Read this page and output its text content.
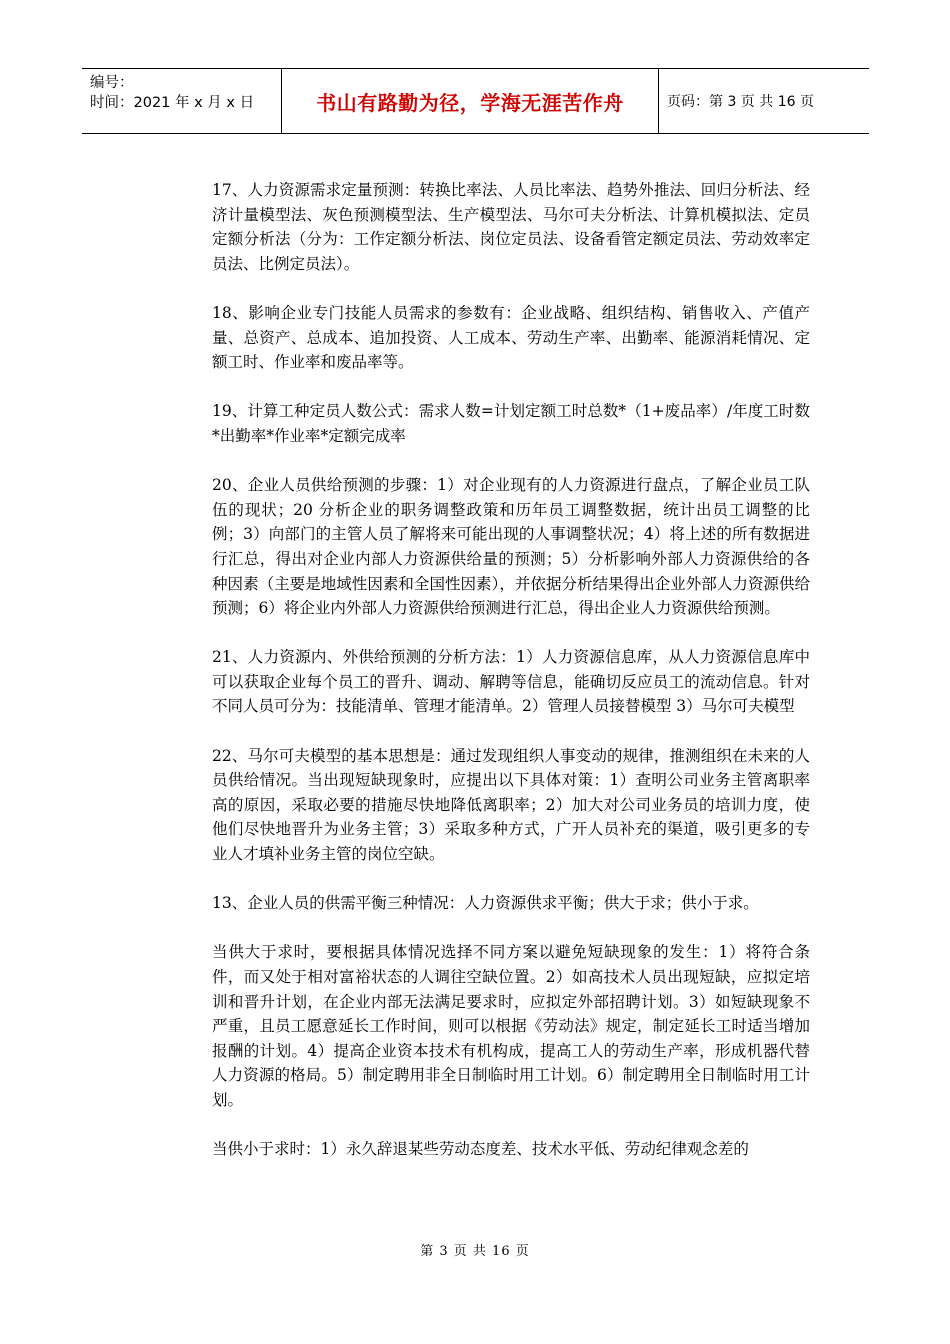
编号：
时间：2021 年 x 月 x 日	书山有路勤为径，学海无涯苦作舟	页码：第 3 页 共 16 页

17、人力资源需求定量预测：转换比率法、人员比率法、趋势外推法、回归分析法、经济计量模型法、灰色预测模型法、生产模型法、马尔可夫分析法、计算机模拟法、定员定额分析法（分为：工作定额分析法、岗位定员法、设备看管定额定员法、劳动效率定员法、比例定员法）。

18、影响企业专门技能人员需求的参数有：企业战略、组织结构、销售收入、产值产量、总资产、总成本、追加投资、人工成本、劳动生产率、出勤率、能源消耗情况、定额工时、作业率和废品率等。

19、计算工种定员人数公式：需求人数=计划定额工时总数*（1+废品率）/年度工时数*出勤率*作业率*定额完成率

20、企业人员供给预测的步骤：1）对企业现有的人力资源进行盘点，了解企业员工队伍的现状；20 分析企业的职务调整政策和历年员工调整数据，统计出员工调整的比例；3）向部门的主管人员了解将来可能出现的人事调整状况；4）将上述的所有数据进行汇总，得出对企业内部人力资源供给量的预测；5）分析影响外部人力资源供给的各种因素（主要是地域性因素和全国性因素），并依据分析结果得出企业外部人力资源供给预测；6）将企业内外部人力资源供给预测进行汇总，得出企业人力资源供给预测。

21、人力资源内、外供给预测的分析方法：1）人力资源信息库，从人力资源信息库中可以获取企业每个员工的晋升、调动、解聘等信息，能确切反应员工的流动信息。针对不同人员可分为：技能清单、管理才能清单。2）管理人员接替模型 3）马尔可夫模型

22、马尔可夫模型的基本思想是：通过发现组织人事变动的规律，推测组织在未来的人员供给情况。当出现短缺现象时，应提出以下具体对策：1）查明公司业务主管离职率高的原因，采取必要的措施尽快地降低离职率；2）加大对公司业务员的培训力度，使他们尽快地晋升为业务主管；3）采取多种方式，广开人员补充的渠道，吸引更多的专业人才填补业务主管的岗位空缺。

13、企业人员的供需平衡三种情况：人力资源供求平衡；供大于求；供小于求。

当供大于求时，要根据具体情况选择不同方案以避免短缺现象的发生：1）将符合条件，而又处于相对富裕状态的人调往空缺位置。2）如高技术人员出现短缺，应拟定培训和晋升计划，在企业内部无法满足要求时，应拟定外部招聘计划。3）如短缺现象不严重，且员工愿意延长工作时间，则可以根据《劳动法》规定，制定延长工时适当增加报酬的计划。4）提高企业资本技术有机构成，提高工人的劳动生产率，形成机器代替人力资源的格局。5）制定聘用非全日制临时用工计划。6）制定聘用全日制临时用工计划。

当供小于求时：1）永久辞退某些劳动态度差、技术水平低、劳动纪律观念差的

第 3 页 共 16 页
